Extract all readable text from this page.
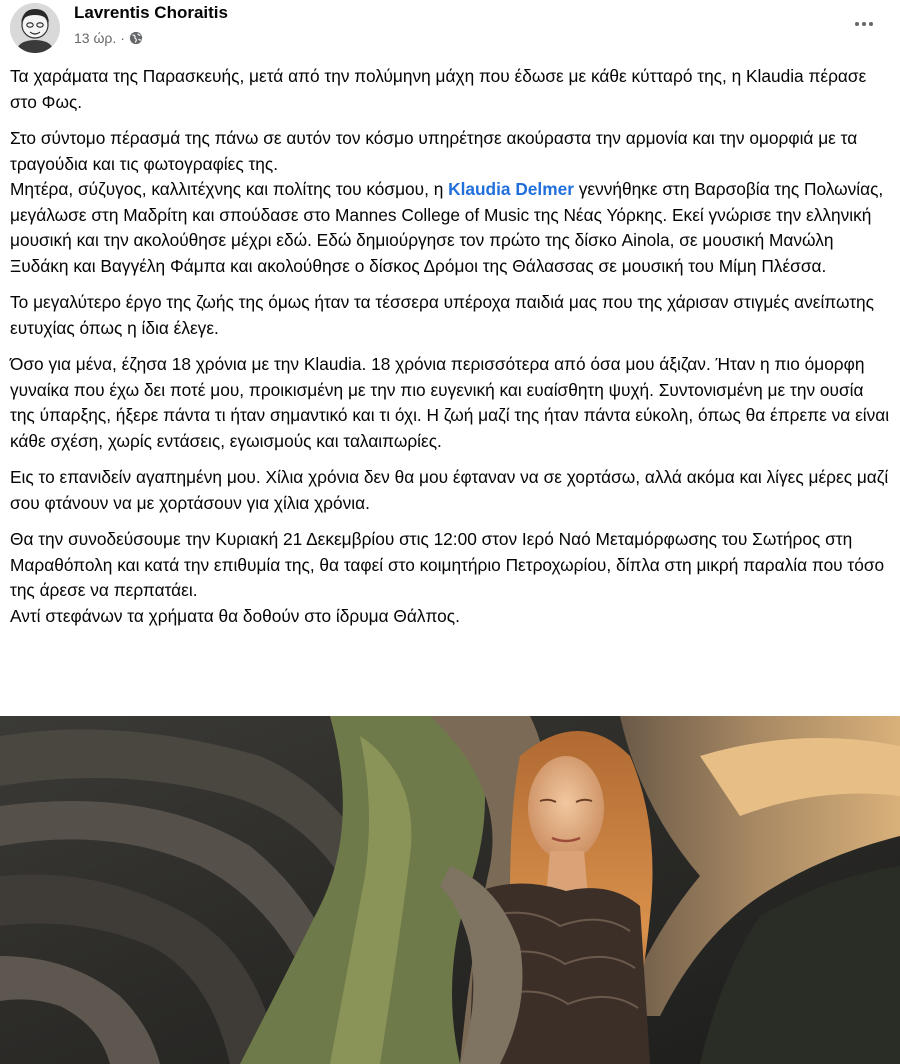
Lavrentis Choraitis
13 ώρ. ·

Τα χαράματα της Παρασκευής, μετά από την πολύμηνη μάχη που έδωσε με κάθε κύτταρό της, η Klaudia πέρασε στο Φως.

Στο σύντομο πέρασμά της πάνω σε αυτόν τον κόσμο υπηρέτησε ακούραστα την αρμονία και την ομορφιά με τα τραγούδια και τις φωτογραφίες της.
Μητέρα, σύζυγος, καλλιτέχνης και πολίτης του κόσμου, η Klaudia Delmer γεννήθηκε στη Βαρσοβία της Πολωνίας, μεγάλωσε στη Μαδρίτη και σπούδασε στο Mannes College of Music της Νέας Υόρκης. Εκεί γνώρισε την ελληνική μουσική και την ακολούθησε μέχρι εδώ. Εδώ δημιούργησε τον πρώτο της δίσκο Ainola, σε μουσική Μανώλη Ξυδάκη και Βαγγέλη Φάμπα και ακολούθησε ο δίσκος Δρόμοι της Θάλασσας σε μουσική του Μίμη Πλέσσα.

Το μεγαλύτερο έργο της ζωής της όμως ήταν τα τέσσερα υπέροχα παιδιά μας που της χάρισαν στιγμές ανείπωτης ευτυχίας όπως η ίδια έλεγε.

Όσο για μένα, έζησα 18 χρόνια με την Klaudia. 18 χρόνια περισσότερα από όσα μου άξιζαν. Ήταν η πιο όμορφη γυναίκα που έχω δει ποτέ μου, προικισμένη με την πιο ευγενική και ευαίσθητη ψυχή. Συντονισμένη με την ουσία της ύπαρξης, ήξερε πάντα τι ήταν σημαντικό και τι όχι. Η ζωή μαζί της ήταν πάντα εύκολη, όπως θα έπρεπε να είναι κάθε σχέση, χωρίς εντάσεις, εγωισμούς και ταλαιπωρίες.

Εις το επανιδείν αγαπημένη μου. Χίλια χρόνια δεν θα μου έφταναν να σε χορτάσω, αλλά ακόμα και λίγες μέρες μαζί σου φτάνουν να με χορτάσουν για χίλια χρόνια.

Θα την συνοδεύσουμε την Κυριακή 21 Δεκεμβρίου στις 12:00 στον Ιερό Ναό Μεταμόρφωσης του Σωτήρος στη Μαραθόπολη και κατά την επιθυμία της, θα ταφεί στο κοιμητήριο Πετροχωρίου, δίπλα στη μικρή παραλία που τόσο της άρεσε να περπατάει.
Αντί στεφάνων τα χρήματα θα δοθούν στο ίδρυμα Θάλπος.
